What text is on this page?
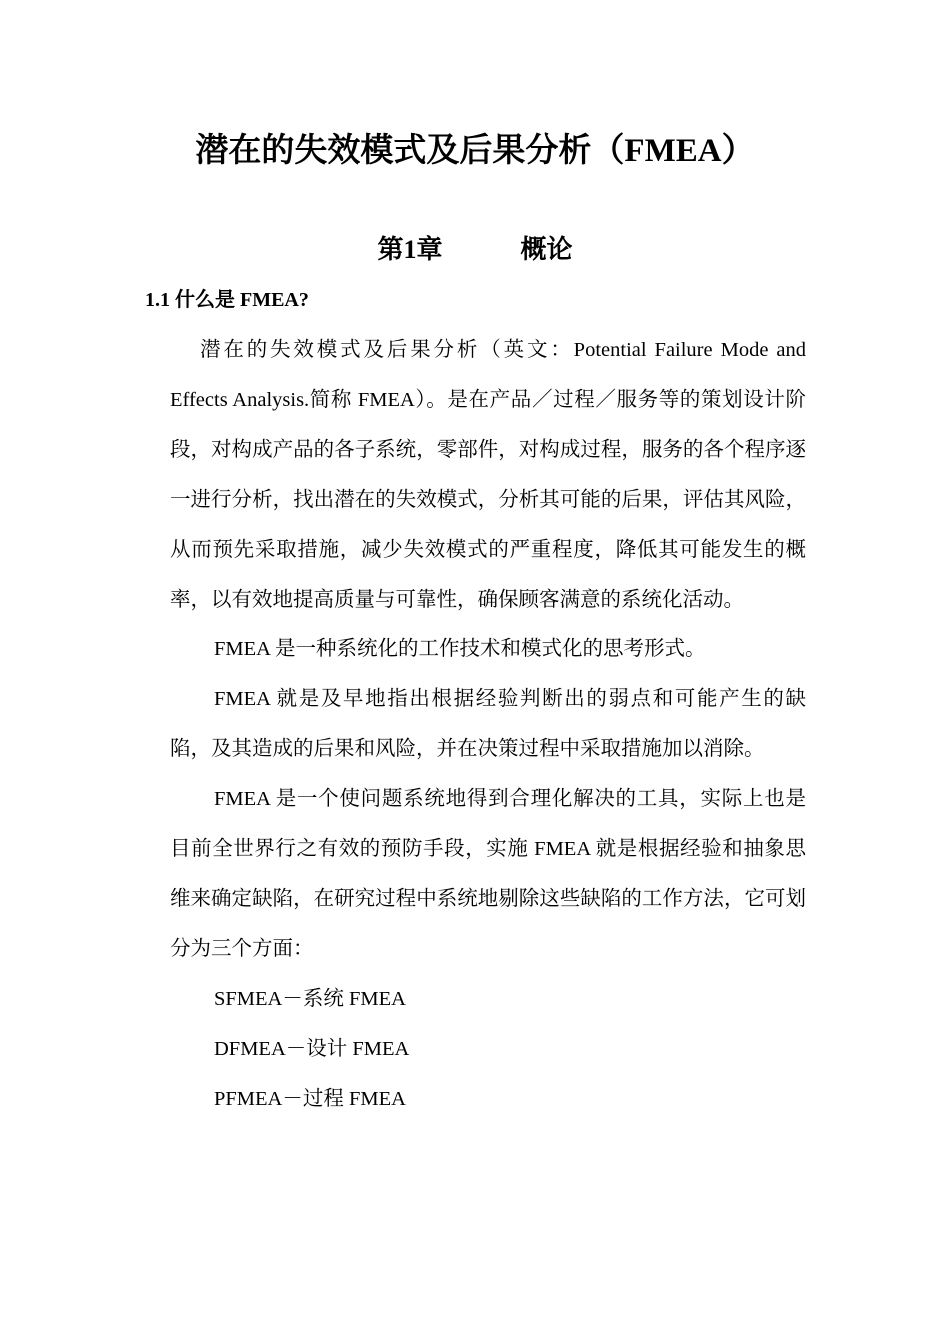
潜在的失效模式及后果分析（FMEA）
第1章	概论
1.1 什么是 FMEA?

潜在的失效模式及后果分析（英文：Potential Failure Mode and Effects Analysis.简称 FMEA）。是在产品／过程／服务等的策划设计阶段，对构成产品的各子系统，零部件，对构成过程，服务的各个程序逐一进行分析，找出潜在的失效模式，分析其可能的后果，评估其风险，从而预先采取措施，减少失效模式的严重程度，降低其可能发生的概率，以有效地提高质量与可靠性，确保顾客满意的系统化活动。

FMEA 是一种系统化的工作技术和模式化的思考形式。

FMEA 就是及早地指出根据经验判断出的弱点和可能产生的缺陷，及其造成的后果和风险，并在决策过程中采取措施加以消除。

FMEA 是一个使问题系统地得到合理化解决的工具，实际上也是目前全世界行之有效的预防手段，实施 FMEA 就是根据经验和抽象思维来确定缺陷，在研究过程中系统地剔除这些缺陷的工作方法，它可划分为三个方面：

SFMEA－系统 FMEA

DFMEA－设计 FMEA

PFMEA－过程 FMEA
